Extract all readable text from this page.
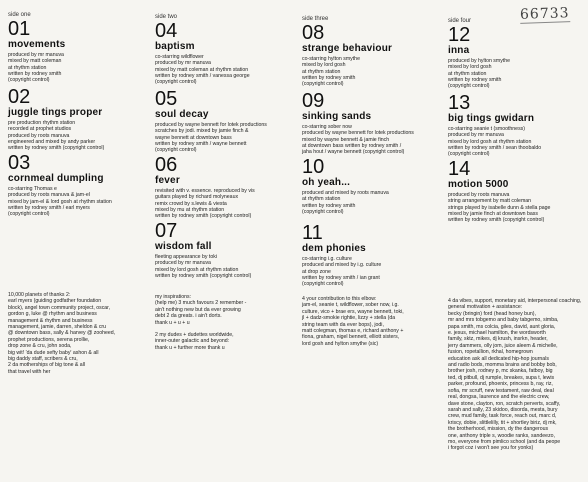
66733
side one
01
movements
produced by mr manuva
mixed by matt coleman
at rhythm station
written by rodney smith
(copyright control)
02
juggle tings proper
pre production rhythm station
recorded at prophet studios
produced by roots manuva
engineered and mixed by andy parker
written by rodney smith (copyright control)
03
cornmeal dumpling
co-starring Thomas e
produced by roots manuva & jam-el
mixed by jam-el & lord gosh at rhythm station
written by rodney smith / earl myers
(copyright control)
side two
04
baptism
co-starring wildflower
produced by mr manuva
mixed by matt coleman at rhythm station
written by rodney smith / vanessa george
(copyright control)
05
soul decay
produced by wayne bennett for lotek productions
scratches by jodi. mixed by jamie finch &
wayne bennett at downtown bass
written by rodney smith / wayne bennett
(copyright control)
06
fever
revisited with v. essence. reproduced by vis
guitars played by richard molyneaux
remix crowd by s.lewis & viesta
mixed by mu at rhythm station
written by rodney smith (copyright control)
07
wisdom fall
fleeting appearance by toki
produced by mr manuva
mixed by lord gosh at rhythm station
written by rodney smith (copyright control)
side three
08
strange behaviour
co-starring hylton smythe
mixed by lord gosh
at rhythm station
written by rodney smith
(copyright control)
09
sinking sands
co-starring sober now
produced by wayne bennett for lotek productions
mixed by wayne bennett & jamie finch
at downtown bass written by rodney smith /
jaha hout / wayne bennett (copyright control)
10
oh yeah...
produced and mixed by roots manuva
at rhythm station
written by rodney smith
(copyright control)
11
dem phonies
co-starring i.g. culture
produced and mixed by i.g. culture
at drop zone
written by rodney smith / ian grant
(copyright control)
side four
12
inna
produced by hylton smythe
mixed by lord gosh
at rhythm station
written by rodney smith
(copyright control)
13
big tings gwidarn
co-starring seanie t (smoothness)
produced by mr manuva
mixed by lord gosh at rhythm station
written by rodney smith / sean thoobaldo
(copyright control)
14
motion 5000
produced by roots manuva
string arrangement by matt coleman
strings played by isabelle dunn & stella page
mixed by jamie finch at downtown bass
written by rodney smith (copyright control)
10,000 planets of thanks 2:
earl myers (guiding godfather foundation
block), angel town community project, oscar,
gordon g, luke @ rhythm and business
management & rhythm and business
management, jamie, darren, sheldon & cru
@ downtown bass, sally & harvey @ zooheed,
prophet productions, serena prollie,
drop zone & cru, john soda,
big wit! 'da dude sefty baby' ashon & all
big daddy staff, scribers & cru,
2 da motherships of big tone & all
that travel with her
my inspirations:
(help me) 3 much favours 2 remember -
ain't nothing new but da ever growing
debt 2 da greats. i ain't dorts.
thank u + u + u
2 my dudes + dudettes worldwide,
inner-outer galactic and beyond:
thank u + further more thank u
4 your contribution to this elbow:
jam-el, seanie t, wildflower, sober now, i.g.
culture, vico + brae ers, wayne bennett, toki,
jl + dadz-smokie rightie, lizzy + stella (da
string team with da ever bops), jodi,
matt colegman, thomas e, richard anthony +
fiona, graham, nigel bennett, elliott sisters,
lord gosh and hylton smythe (sic)
4 da vibes, support, monetary aid, interpersonal coaching, general motivation + assistance:
becky (bringin) ford (head honey bun),
mr and mrs tobgemo and baby tabgemo, simba,
papa smith, ms colcia, giles, david, aunt gloria,
e. jesus, michael hamilton, the wordsworth
family, sktz, mikes, dj krush, insrkn, header,
jerry dammers, olly jom, juice aleem & michelle,
fusion, ropetallion, rkhal, homegrown
education ask all dedicated hip-hop journals
and radio bods, momma brains and bobby bob,
brother josh, rodney p, mc skanka, fatboy, big
ted, dj pitbull, dj rumple, breakes, supa t, lewis
parker, profound, phoenix, princess b, ray, riz,
sofia, mr scruff, new testament, raw deal, deal
real, dongsa, laurence and the electric crew,
dave stone, clayton, ron, scratch perverts, scaffy,
sarah and sally, 23 skidoo, disorda, mesta, bury
crew, mud family, task force, reach out, marc d,
kriscy, dobie, slittlelilly, tit + shortley biriz, dj mk,
the brotherhood, mission, dy the dangerous
one, anthony triple s, woodie ranks, sandeezo,
mo, everyone from pimlico school (and da peope
i forgot coz i won't see you for yonks)
